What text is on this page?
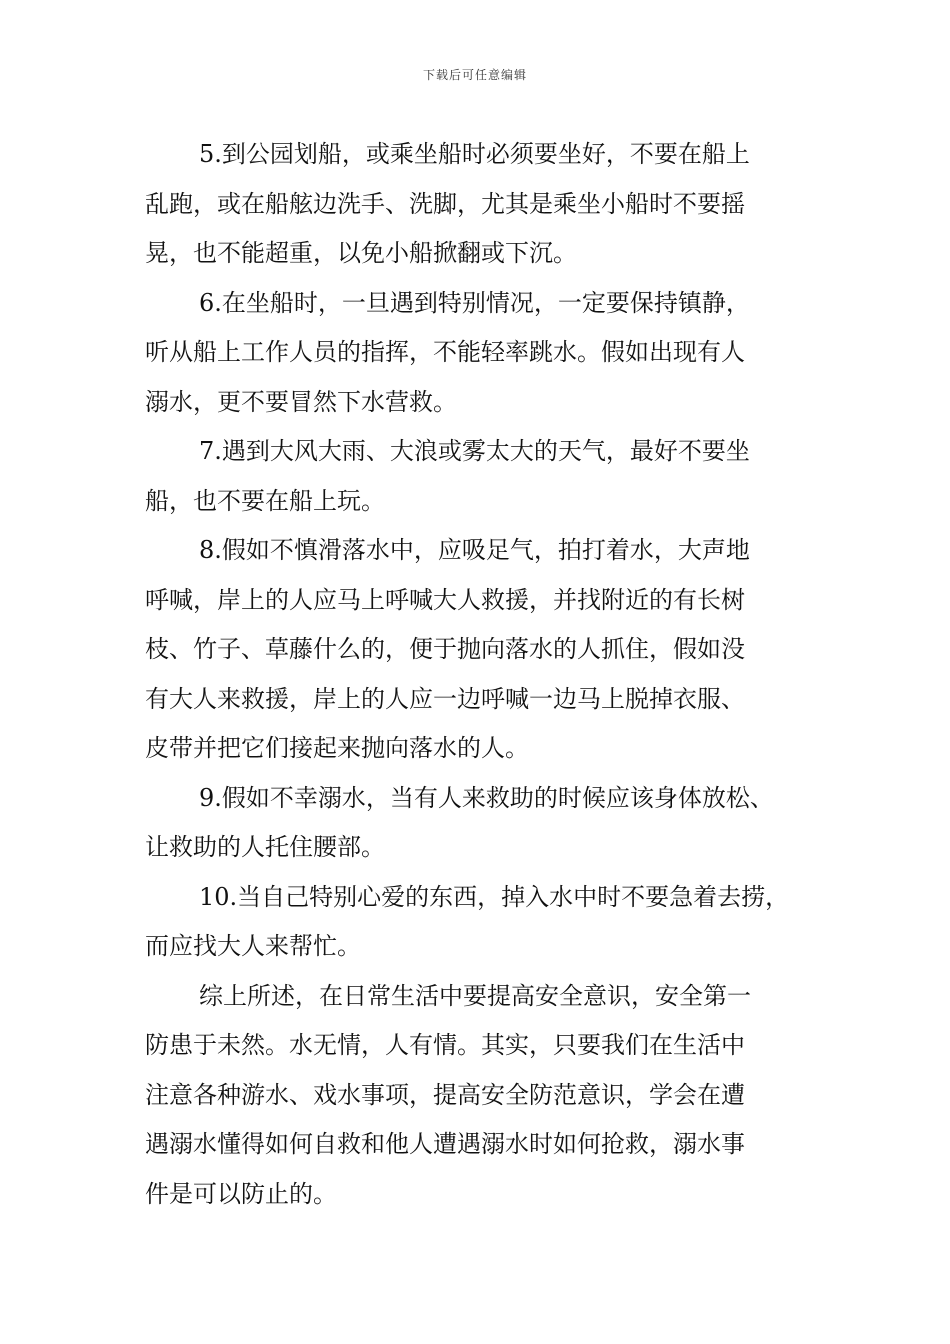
下载后可任意编辑
5.到公园划船，或乘坐船时必须要坐好，不要在船上
乱跑，或在船舷边洗手、洗脚，尤其是乘坐小船时不要摇
晃，也不能超重，以免小船掀翻或下沉。
6.在坐船时，一旦遇到特别情况，一定要保持镇静，
听从船上工作人员的指挥，不能轻率跳水。假如出现有人
溺水，更不要冒然下水营救。
7.遇到大风大雨、大浪或雾太大的天气，最好不要坐
船，也不要在船上玩。
8.假如不慎滑落水中，应吸足气，拍打着水，大声地
呼喊，岸上的人应马上呼喊大人救援，并找附近的有长树
枝、竹子、草藤什么的，便于抛向落水的人抓住，假如没
有大人来救援，岸上的人应一边呼喊一边马上脱掉衣服、
皮带并把它们接起来抛向落水的人。
9.假如不幸溺水，当有人来救助的时候应该身体放松、
让救助的人托住腰部。
10.当自己特别心爱的东西，掉入水中时不要急着去捞，
而应找大人来帮忙。
综上所述，在日常生活中要提高安全意识，安全第一
防患于未然。水无情，人有情。其实，只要我们在生活中
注意各种游水、戏水事项，提高安全防范意识，学会在遭
遇溺水懂得如何自救和他人遭遇溺水时如何抢救，溺水事
件是可以防止的。
